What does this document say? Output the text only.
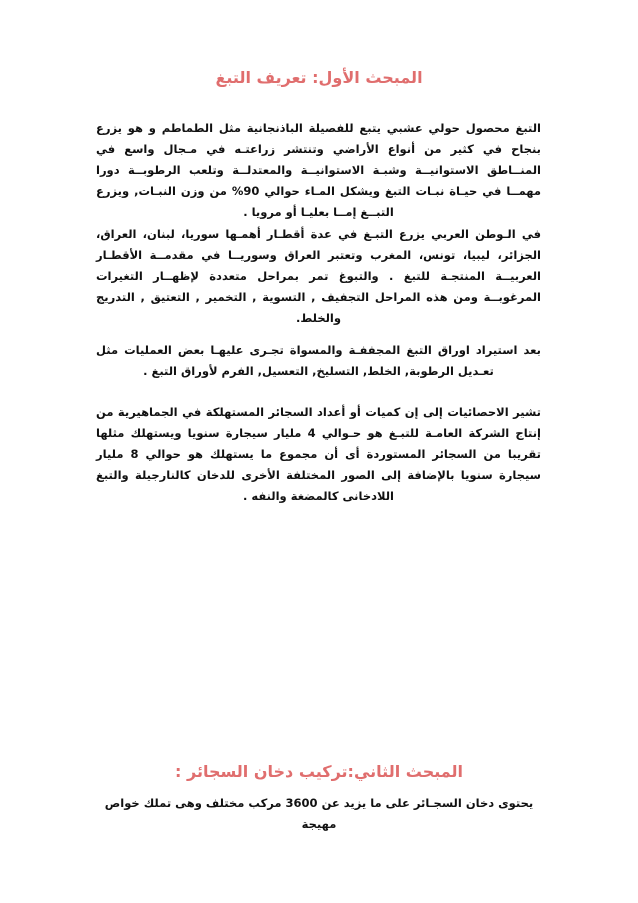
المبحث الأول: تعريف التبغ

التبغ محصول حولي عشبي يتبع للفصيلة الباذنجانية مثل الطماطم و هو يزرع بنجاح في كثير من أنواع الأراضي وتنتشر زراعتـه في مـجال واسع في المنــاطق الاستوانيــة وشبـة الاستوانيــة والمعتدلــة وتلعب الرطوبــة دورا مهمــا في حيـاة نبـات التبغ ويشكل المـاء حوالي 90% من وزن النبـات, ويزرع التبــغ إمــا بعليـا أو مرويا .

في الـوطن العربي يزرع التبـغ في عدة أقطـار أهمـها سوريا، لبنان، العراق، الجزائر، ليبيا، تونس، المغرب وتعتبر العراق وسوريــا في مقدمــة الأقطـار العربيــة المنتجـة للتبغ . والتبوغ تمر بمراحل متعددة لإظهــار التغيرات المرغوبــة ومن هذه المراحل التجفيف , التسوية , التخمير , التعتيق , التدريج والخلط.

بعد استيراد اوراق التبغ المجففـة والمسواة تجـرى عليهـا بعض العمليات مثل تعـديل الرطوبة, الخلط, التسليخ, التعسيل, الفرم لأوراق التبغ .

تشير الاحصائيات إلى إن كميات أو أعداد السجائر المستهلكة في الجماهيرية من إنتاج الشركة العامـة للتبـغ هو حـوالي 4 مليار سيجارة سنويا ويستهلك مثلها تقريبا من السجائر المستوردة أى أن مجموع ما يستهلك هو حوالي 8 مليار سيجارة سنويا بالإضافة إلى الصور المختلفة الأخرى للدخان كالنارجيلة والتبغ اللادخانى كالمضغة والنفه .

المبحث الثاني:تركيب دخان السجائر :

يحتوى دخان السجـائر على ما يزيد عن 3600 مركب مختلف وهى تملك خواص مهيجة
